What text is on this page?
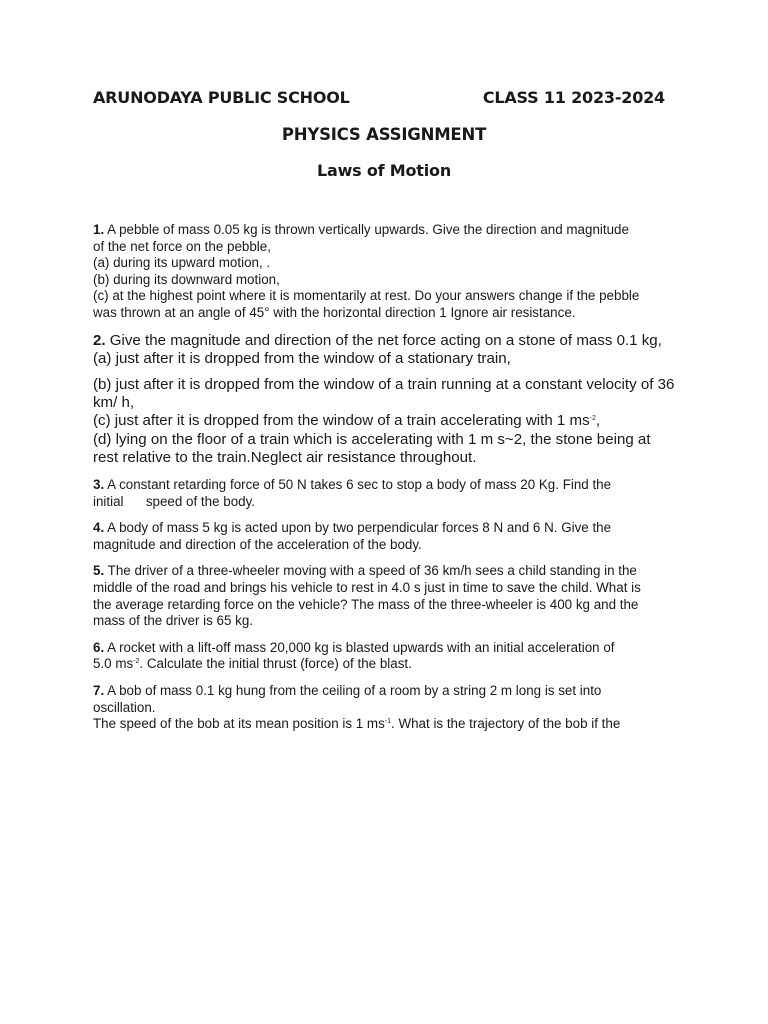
ARUNODAYA PUBLIC SCHOOL	CLASS 11 2023-2024
PHYSICS ASSIGNMENT
Laws of Motion
1. A pebble of mass 0.05 kg is thrown vertically upwards. Give the direction and magnitude
of the net force on the pebble,
(a) during its upward motion, .
(b) during its downward motion,
(c) at the highest point where it is momentarily at rest. Do your answers change if the pebble
was thrown at an angle of 45° with the horizontal direction 1 Ignore air resistance.
2. Give the magnitude and direction of the net force acting on a stone of mass 0.1 kg,
(a) just after it is dropped from the window of a stationary train,
(b) just after it is dropped from the window of a train running at a constant velocity of 36 km/ h,
(c) just after it is dropped from the window of a train accelerating with 1 $ms^{-2}$,
(d) lying on the floor of a train which is accelerating with 1 m s~2, the stone being at rest relative to the train.Neglect air resistance throughout.
3. A constant retarding force of 50 N takes 6 sec to stop a body of mass 20 Kg. Find the
initial      speed of the body.
4. A body of mass 5 kg is acted upon by two perpendicular forces 8 N and 6 N. Give the
magnitude and direction of the acceleration of the body.
5. The driver of a three-wheeler moving with a speed of 36 km/h sees a child standing in the
middle of the road and brings his vehicle to rest in 4.0 s just in time to save the child. What is
the average retarding force on the vehicle? The mass of the three-wheeler is 400 kg and the
mass of the driver is 65 kg.
6. A rocket with a lift-off mass 20,000 kg is blasted upwards with an initial acceleration of
5.0 $ms^{-2}$. Calculate the initial thrust (force) of the blast.
7. A bob of mass 0.1 kg hung from the ceiling of a room by a string 2 m long is set into
oscillation.
The speed of the bob at its mean position is 1 $ms^{-1}$. What is the trajectory of the bob if the
